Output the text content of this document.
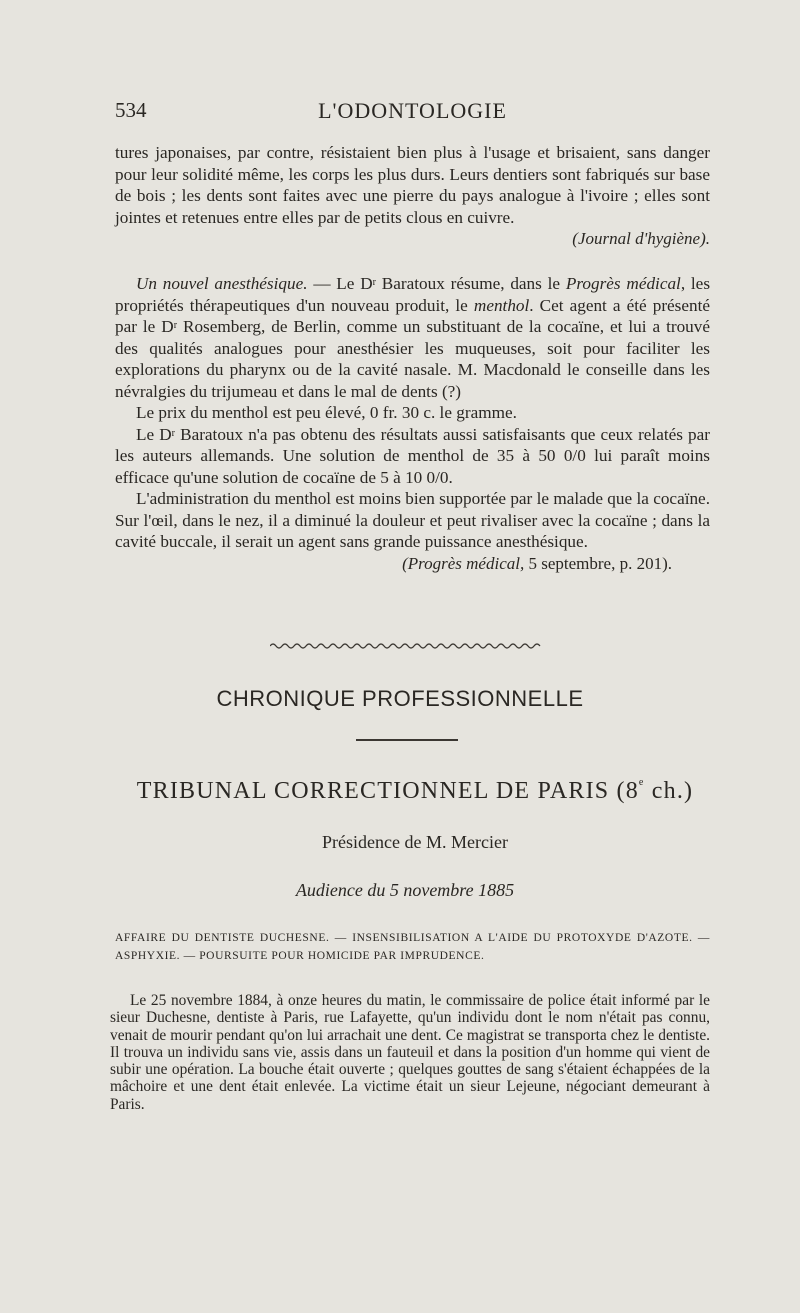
534	L'ODONTOLOGIE

tures japonaises, par contre, résistaient bien plus à l'usage et brisaient, sans danger pour leur solidité même, les corps les plus durs. Leurs dentiers sont fabriqués sur base de bois ; les dents sont faites avec une pierre du pays analogue à l'ivoire ; elles sont jointes et retenues entre elles par de petits clous en cuivre.

(Journal d'hygiène).

Un nouvel anesthésique. — Le $D^r$ Baratoux résume, dans le Progrès médical, les propriétés thérapeutiques d'un nouveau produit, le menthol. Cet agent a été présenté par le $D^r$ Rosemberg, de Berlin, comme un substituant de la cocaïne, et lui a trouvé des qualités analogues pour anesthésier les muqueuses, soit pour faciliter les explorations du pharynx ou de la cavité nasale. M. Macdonald le conseille dans les névralgies du trijumeau et dans le mal de dents (?)

Le prix du menthol est peu élevé, 0 fr. 30 c. le gramme.

Le $D^r$ Baratoux n'a pas obtenu des résultats aussi satisfaisants que ceux relatés par les auteurs allemands. Une solution de menthol de 35 à 50 0/0 lui paraît moins efficace qu'une solution de cocaïne de 5 à 10 0/0.

L'administration du menthol est moins bien supportée par le malade que la cocaïne. Sur l'œil, dans le nez, il a diminué la douleur et peut rivaliser avec la cocaïne ; dans la cavité buccale, il serait un agent sans grande puissance anesthésique.

(Progrès médical, 5 septembre, p. 201).

CHRONIQUE PROFESSIONNELLE
TRIBUNAL CORRECTIONNEL DE PARIS (8e ch.)
Présidence de M. Mercier
Audience du 5 novembre 1885

AFFAIRE DU DENTISTE DUCHESNE. — INSENSIBILISATION A L'AIDE DU PROTOXYDE D'AZOTE. — ASPHYXIE. — POURSUITE POUR HOMICIDE PAR IMPRUDENCE.

Le 25 novembre 1884, à onze heures du matin, le commissaire de police était informé par le sieur Duchesne, dentiste à Paris, rue Lafayette, qu'un individu dont le nom n'était pas connu, venait de mourir pendant qu'on lui arrachait une dent. Ce magistrat se transporta chez le dentiste. Il trouva un individu sans vie, assis dans un fauteuil et dans la position d'un homme qui vient de subir une opération. La bouche était ouverte ; quelques gouttes de sang s'étaient échappées de la mâchoire et une dent était enlevée. La victime était un sieur Lejeune, négociant demeurant à Paris.
